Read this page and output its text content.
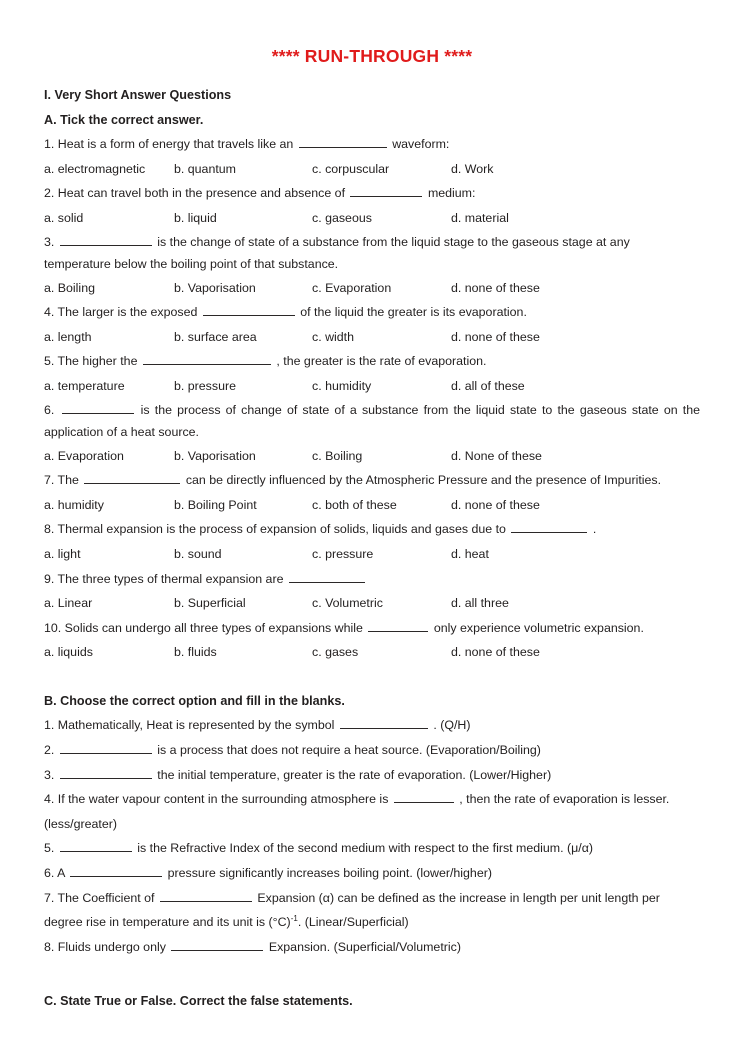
**** RUN-THROUGH ****
I. Very Short Answer Questions
A. Tick the correct answer.
1. Heat is a form of energy that travels like an	waveform:
a. electromagnetic b. quantum	c. corpuscular	d. Work
2. Heat can travel both in the presence and absence of	medium:
a. solid	b. liquid	c. gaseous	d. material
3.	is the change of state of a substance from the liquid stage to the gaseous stage at any temperature below the boiling point of that substance.
a. Boiling	b. Vaporisation	c. Evaporation	d. none of these
4. The larger is the exposed	of the liquid the greater is its evaporation.
a. length	b. surface area	c. width	d. none of these
5. The higher the	, the greater is the rate of evaporation.
a. temperature	b. pressure	c. humidity	d. all of these
6.	is the process of change of state of a substance from the liquid state to the gaseous state on the application of a heat source.
a. Evaporation	b. Vaporisation	c. Boiling	d. None of these
7. The	can be directly influenced by the Atmospheric Pressure and the presence of Impurities.
a. humidity	b. Boiling Point	c. both of these	d. none of these
8. Thermal expansion is the process of expansion of solids, liquids and gases due to	.
a. light	b. sound	c. pressure	d. heat
9. The three types of thermal expansion are
a. Linear	b. Superficial	c. Volumetric	d. all three
10. Solids can undergo all three types of expansions while	only experience volumetric expansion.
a. liquids	b. fluids	c. gases	d. none of these
B. Choose the correct option and fill in the blanks.
1. Mathematically, Heat is represented by the symbol	. (Q/H)
2.	is a process that does not require a heat source. (Evaporation/Boiling)
3.	the initial temperature, greater is the rate of evaporation. (Lower/Higher)
4. If the water vapour content in the surrounding atmosphere is	, then the rate of evaporation is lesser. (less/greater)
5.	is the Refractive Index of the second medium with respect to the first medium. (μ/α)
6. A	pressure significantly increases boiling point. (lower/higher)
7. The Coefficient of	Expansion (α) can be defined as the increase in length per unit length per degree rise in temperature and its unit is $(^\circ C)^{-1}$. (Linear/Superficial)
8. Fluids undergo only	Expansion. (Superficial/Volumetric)
C. State True or False. Correct the false statements.
